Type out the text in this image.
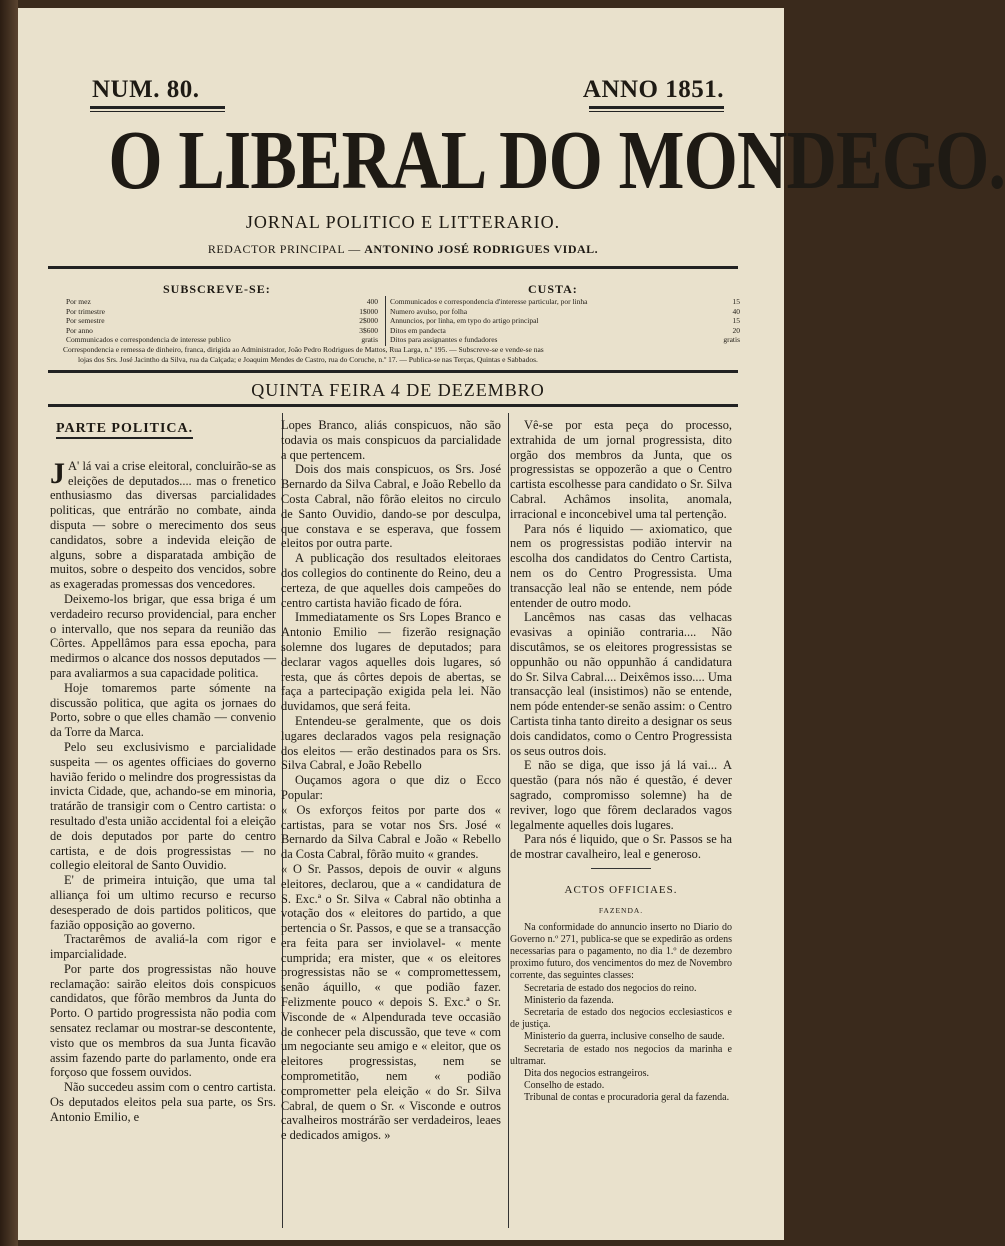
NUM. 80.	ANNO 1851.
O LIBERAL DO MONDEGO.
JORNAL POLITICO E LITTERARIO.
REDACTOR PRINCIPAL — ANTONINO JOSÉ RODRIGUES VIDAL.
SUBSCREVE-SE:	CUSTA:
Por mez	400
Por trimestre	1$000
Por semestre	2$000
Por anno	3$600
Communicados e correspondencia de interesse publico	gratis
Communicados e correspondencia d'interesse particular, por linha	15
Numero avulso, por folha	40
Annuncios, por linha, em typo do artigo principal	15
Ditos em pandecta	20
Ditos para assignantes e fundadores	gratis
Correspondencia e remessa de dinheiro, franca, dirigida ao Administrador, João Pedro Rodrigues de Mattos, Rua Larga, n.º 195. — Subscreve-se e vende-se nas
lojas dos Srs. José Jacintho da Silva, rua da Calçada; e Joaquim Mendes de Castro, rua do Coruche, n.º 17. — Publica-se nas Terças, Quintas e Sabbados.
QUINTA FEIRA 4 DE DEZEMBRO
PARTE POLITICA.

J A' lá vai a crise eleitoral, concluirão-se as eleições de deputados.... mas o frenetico enthusiasmo das diversas parcialidades politicas, que entrárão no combate, ainda disputa — sobre o merecimento dos seus candidatos, sobre a indevida eleição de alguns, sobre a disparatada ambição de muitos, sobre o despeito dos vencidos, sobre as exageradas promessas dos vencedores.

Deixemo-los brigar, que essa briga é um verdadeiro recurso providencial, para encher o intervallo, que nos separa da reunião das Côrtes. Appellâmos para essa epocha, para medirmos o alcance dos nossos deputados — para avaliarmos a sua capacidade politica.

Hoje tomaremos parte sómente na discussão politica, que agita os jornaes do Porto, sobre o que elles chamão — convenio da Torre da Marca.

Pelo seu exclusivismo e parcialidade suspeita — os agentes officiaes do governo havião ferido o melindre dos progressistas da invicta Cidade, que, achando-se em minoria, tratárão de transigir com o Centro cartista: o resultado d'esta união accidental foi a eleição de dois deputados por parte do centro cartista, e de dois progressistas — no collegio eleitoral de Santo Ouvidio.

E' de primeira intuição, que uma tal alliança foi um ultimo recurso e recurso desesperado de dois partidos politicos, que fazião opposição ao governo.

Tractarêmos de avaliá-la com rigor e imparcialidade.

Por parte dos progressistas não houve reclamação: sairão eleitos dois conspicuos candidatos, que fôrão membros da Junta do Porto. O partido progressista não podia com sensatez reclamar ou mostrar-se descontente, visto que os membros da sua Junta ficavão assim fazendo parte do parlamento, onde era forçoso que fossem ouvidos.

Não succedeu assim com o centro cartista. Os deputados eleitos pela sua parte, os Srs. Antonio Emilio, e

Lopes Branco, aliás conspicuos, não são todavia os mais conspicuos da parcialidade a que pertencem.

Dois dos mais conspicuos, os Srs. José Bernardo da Silva Cabral, e João Rebello da Costa Cabral, não fôrão eleitos no circulo de Santo Ouvidio, dando-se por desculpa, que constava e se esperava, que fossem eleitos por outra parte.

A publicação dos resultados eleitoraes dos collegios do continente do Reino, deu a certeza, de que aquelles dois campeões do centro cartista havião ficado de fóra.

Immediatamente os Srs Lopes Branco e Antonio Emilio — fizerão resignação solemne dos lugares de deputados; para declarar vagos aquelles dois lugares, só resta, que ás côrtes depois de abertas, se faça a partecipação exigida pela lei. Não duvidamos, que será feita.

Entendeu-se geralmente, que os dois lugares declarados vagos pela resignação dos eleitos — erão destinados para os Srs. Silva Cabral, e João Rebello

Ouçamos agora o que diz o Ecco Popular:

« Os exforços feitos por parte dos « cartistas, para se votar nos Srs. José « Bernardo da Silva Cabral e João « Rebello da Costa Cabral, fôrão muito « grandes.

« O Sr. Passos, depois de ouvir « alguns eleitores, declarou, que a « candidatura de S. Exc.ª o Sr. Silva « Cabral não obtinha a votação dos « eleitores do partido, a que pertencia o Sr. Passos, e que se a transacção era feita para ser inviolavel- « mente cumprida; era mister, que « os eleitores progressistas não se « compromettessem, senão áquillo, « que podião fazer. Felizmente pouco « depois S. Exc.ª o Sr. Visconde de « Alpendurada teve occasião de conhecer pela discussão, que teve « com um negociante seu amigo e « eleitor, que os eleitores progressistas, nem se comprometitão, nem « podião comprometter pela eleição « do Sr. Silva Cabral, de quem o Sr. « Visconde e outros cavalheiros mostrárão ser verdadeiros, leaes e dedicados amigos. »

Vê-se por esta peça do processo, extrahida de um jornal progressista, dito orgão dos membros da Junta, que os progressistas se oppozerão a que o Centro cartista escolhesse para candidato o Sr. Silva Cabral. Achâmos insolita, anomala, irracional e inconcebivel uma tal pertenção.

Para nós é liquido — axiomatico, que nem os progressistas podião intervir na escolha dos candidatos do Centro Cartista, nem os do Centro Progressista. Uma transacção leal não se entende, nem póde entender de outro modo.

Lancêmos nas casas das velhacas evasivas a opinião contraria.... Não discutâmos, se os eleitores progressistas se oppunhão ou não oppunhão á candidatura do Sr. Silva Cabral.... Deixêmos isso.... Uma transacção leal (insistimos) não se entende, nem póde entender-se senão assim: o Centro Cartista tinha tanto direito a designar os seus dois candidatos, como o Centro Progressista os seus outros dois.

E não se diga, que isso já lá vai... A questão (para nós não é questão, é dever sagrado, compromisso solemne) ha de reviver, logo que fôrem declarados vagos legalmente aquelles dois lugares.

Para nós é liquido, que o Sr. Passos se ha de mostrar cavalheiro, leal e generoso.

ACTOS OFFICIAES.
FAZENDA.

Na conformidade do annuncio inserto no Diario do Governo n.º 271, publica-se que se expedirão as ordens necessarias para o pagamento, no dia 1.º de dezembro proximo futuro, dos vencimentos do mez de Novembro corrente, das seguintes classes:

Secretaria de estado dos negocios do reino.

Ministerio da fazenda.

Secretaria de estado dos negocios ecclesiasticos e de justiça.

Ministerio da guerra, inclusive conselho de saude.

Secretaria de estado nos negocios da marinha e ultramar.

Dita dos negocios estrangeiros.

Conselho de estado.

Tribunal de contas e procuradoria geral da fazenda.
